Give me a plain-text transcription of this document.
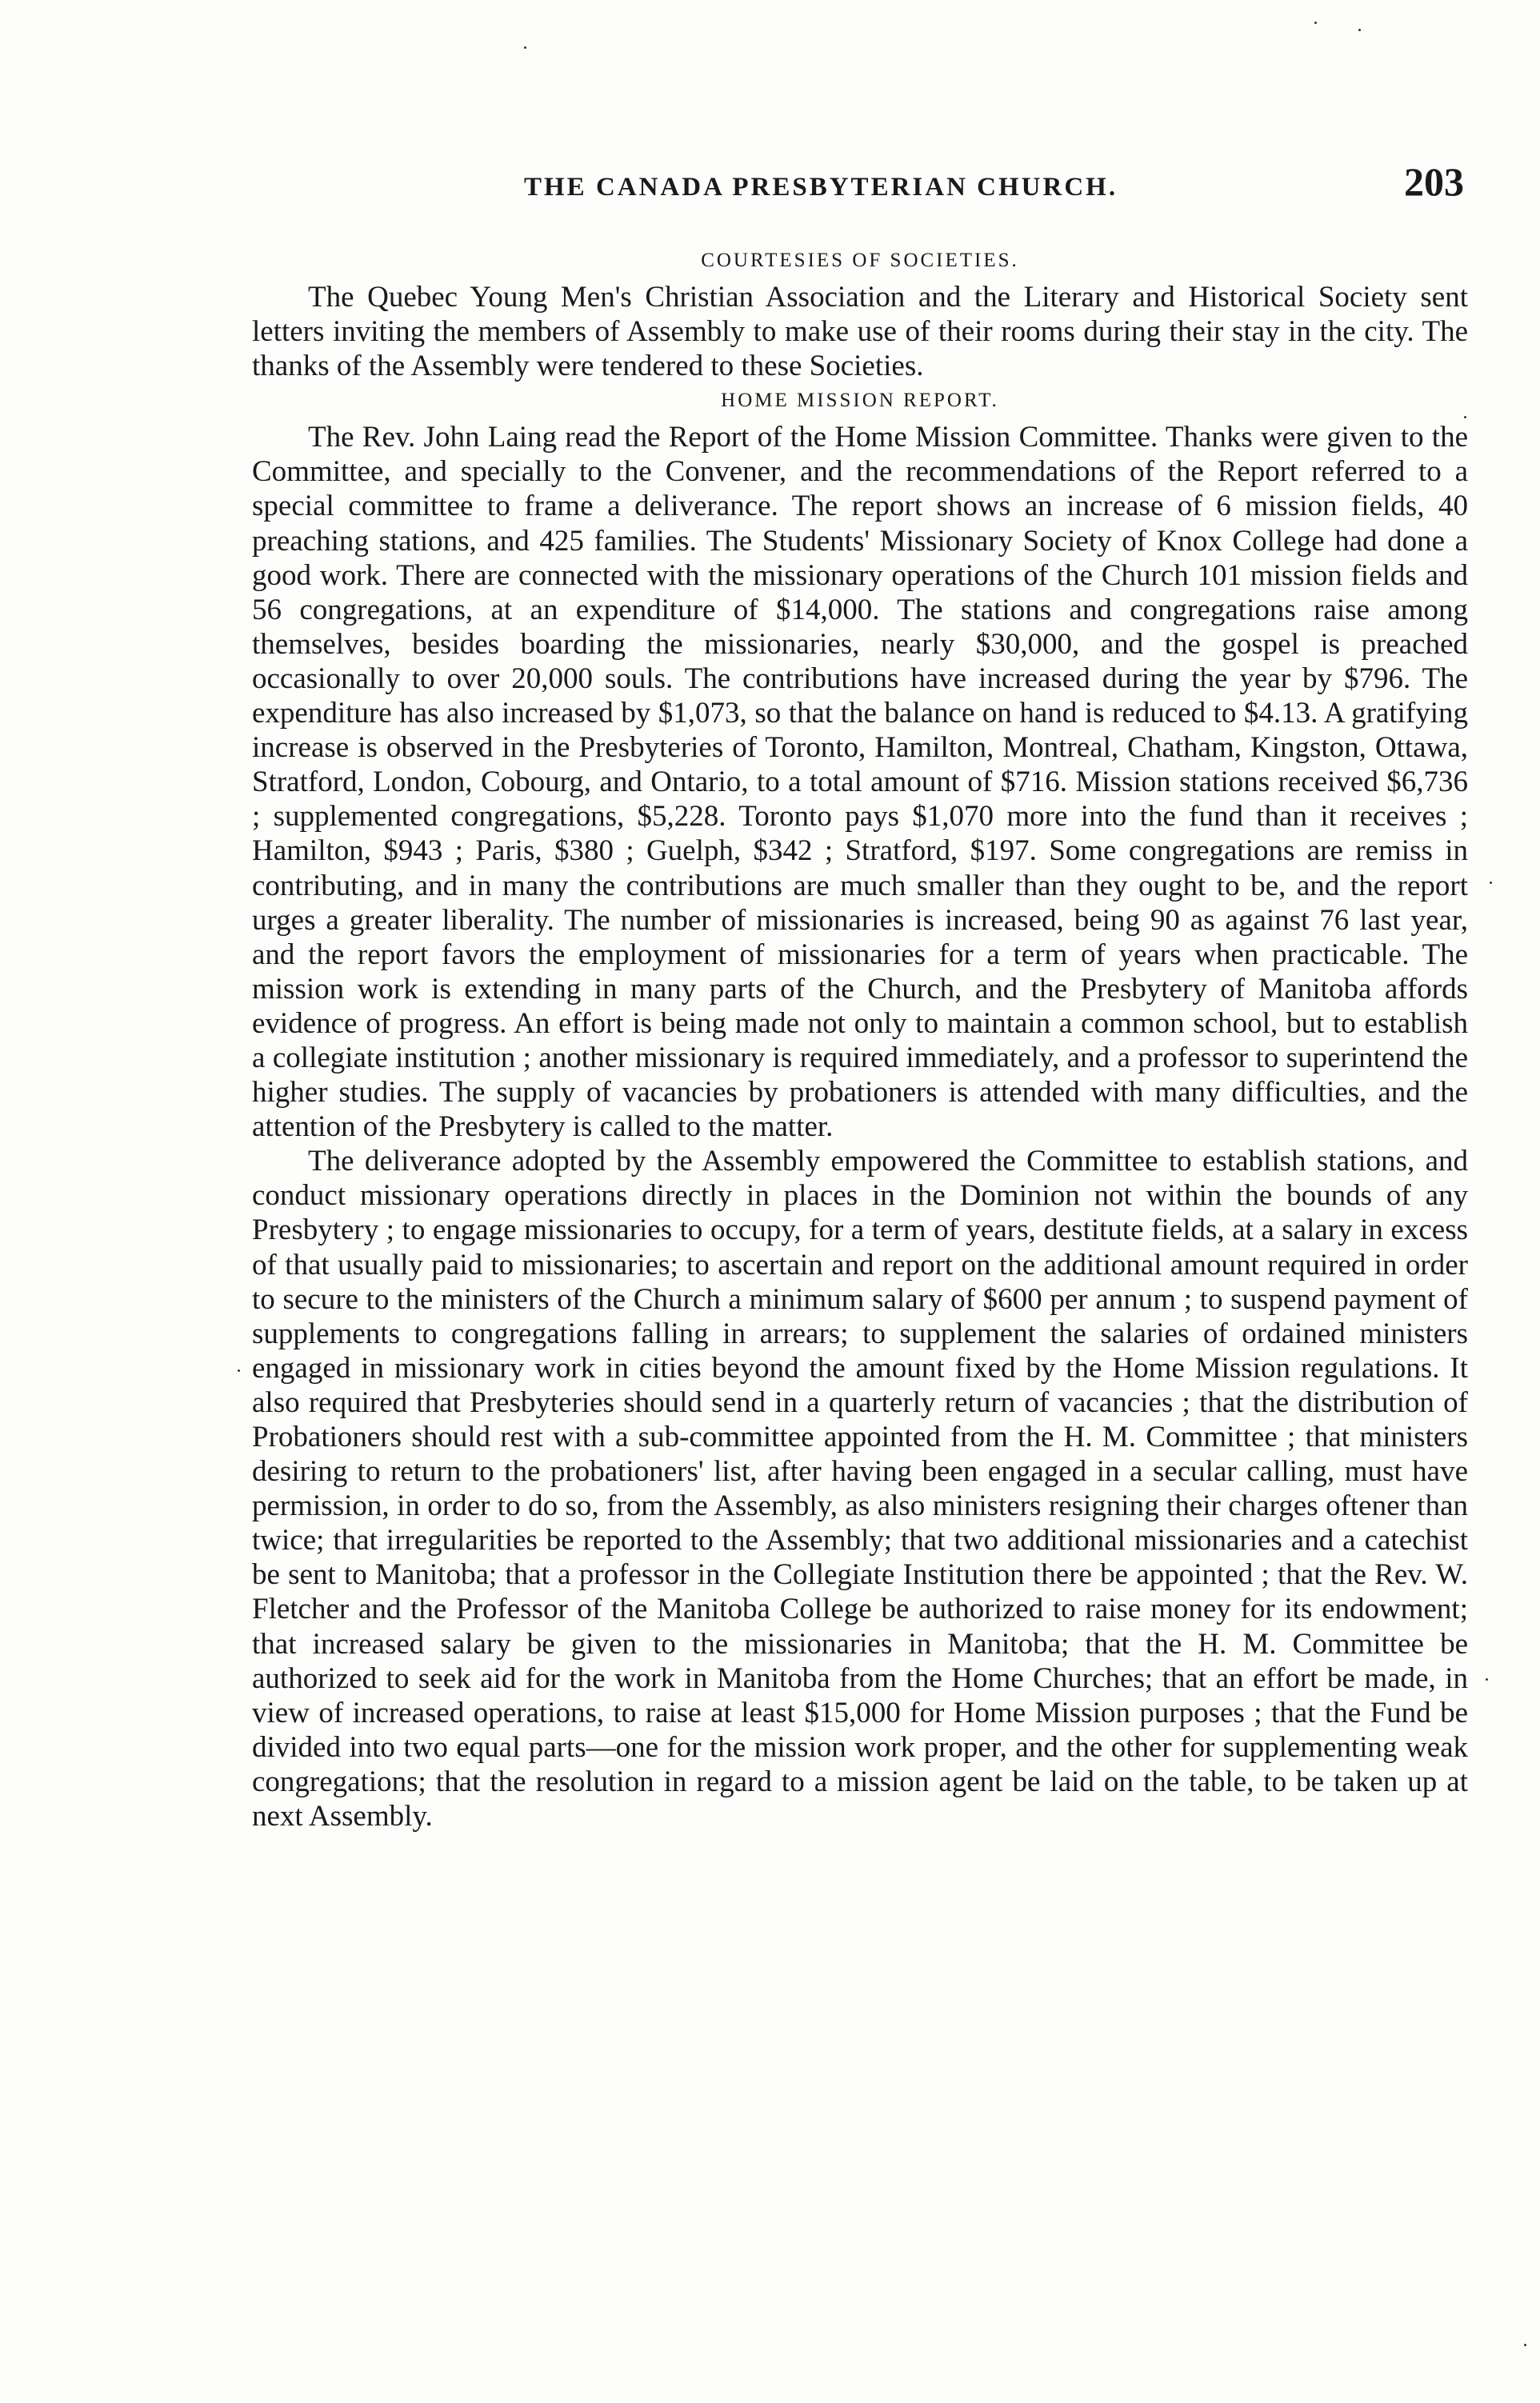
THE CANADA PRESBYTERIAN CHURCH.	203
COURTESIES OF SOCIETIES.

The Quebec Young Men's Christian Association and the Literary and Historical Society sent letters inviting the members of Assembly to make use of their rooms during their stay in the city. The thanks of the Assembly were tendered to these Societies.

HOME MISSION REPORT.

The Rev. John Laing read the Report of the Home Mission Committee. Thanks were given to the Committee, and specially to the Convener, and the recommendations of the Report referred to a special committee to frame a deliverance. The report shows an increase of 6 mission fields, 40 preaching stations, and 425 families. The Students' Missionary Society of Knox College had done a good work. There are connected with the missionary operations of the Church 101 mission fields and 56 congregations, at an expenditure of $14,000. The stations and congregations raise among themselves, besides boarding the missionaries, nearly $30,000, and the gospel is preached occasionally to over 20,000 souls. The contributions have increased during the year by $796. The expenditure has also increased by $1,073, so that the balance on hand is reduced to $4.13. A gratifying increase is observed in the Presbyteries of Toronto, Hamilton, Montreal, Chatham, Kingston, Ottawa, Stratford, London, Cobourg, and Ontario, to a total amount of $716. Mission stations received $6,736 ; supplemented congregations, $5,228. Toronto pays $1,070 more into the fund than it receives ; Hamilton, $943 ; Paris, $380 ; Guelph, $342 ; Stratford, $197. Some congregations are remiss in contributing, and in many the contributions are much smaller than they ought to be, and the report urges a greater liberality. The number of missionaries is increased, being 90 as against 76 last year, and the report favors the employment of missionaries for a term of years when practicable. The mission work is extending in many parts of the Church, and the Presbytery of Manitoba affords evidence of progress. An effort is being made not only to maintain a common school, but to establish a collegiate institution ; another missionary is required immediately, and a professor to superintend the higher studies. The supply of vacancies by probationers is attended with many difficulties, and the attention of the Presbytery is called to the matter.

The deliverance adopted by the Assembly empowered the Committee to establish stations, and conduct missionary operations directly in places in the Dominion not within the bounds of any Presbytery ; to engage missionaries to occupy, for a term of years, destitute fields, at a salary in excess of that usually paid to missionaries; to ascertain and report on the additional amount required in order to secure to the ministers of the Church a minimum salary of $600 per annum ; to suspend payment of supplements to congregations falling in arrears; to supplement the salaries of ordained ministers engaged in missionary work in cities beyond the amount fixed by the Home Mission regulations. It also required that Presbyteries should send in a quarterly return of vacancies ; that the distribution of Probationers should rest with a sub-committee appointed from the H. M. Committee ; that ministers desiring to return to the probationers' list, after having been engaged in a secular calling, must have permission, in order to do so, from the Assembly, as also ministers resigning their charges oftener than twice; that irregularities be reported to the Assembly; that two additional missionaries and a catechist be sent to Manitoba; that a professor in the Collegiate Institution there be appointed ; that the Rev. W. Fletcher and the Professor of the Manitoba College be authorized to raise money for its endowment; that increased salary be given to the missionaries in Manitoba; that the H. M. Committee be authorized to seek aid for the work in Manitoba from the Home Churches; that an effort be made, in view of increased operations, to raise at least $15,000 for Home Mission purposes ; that the Fund be divided into two equal parts—one for the mission work proper, and the other for supplementing weak congregations; that the resolution in regard to a mission agent be laid on the table, to be taken up at next Assembly.
